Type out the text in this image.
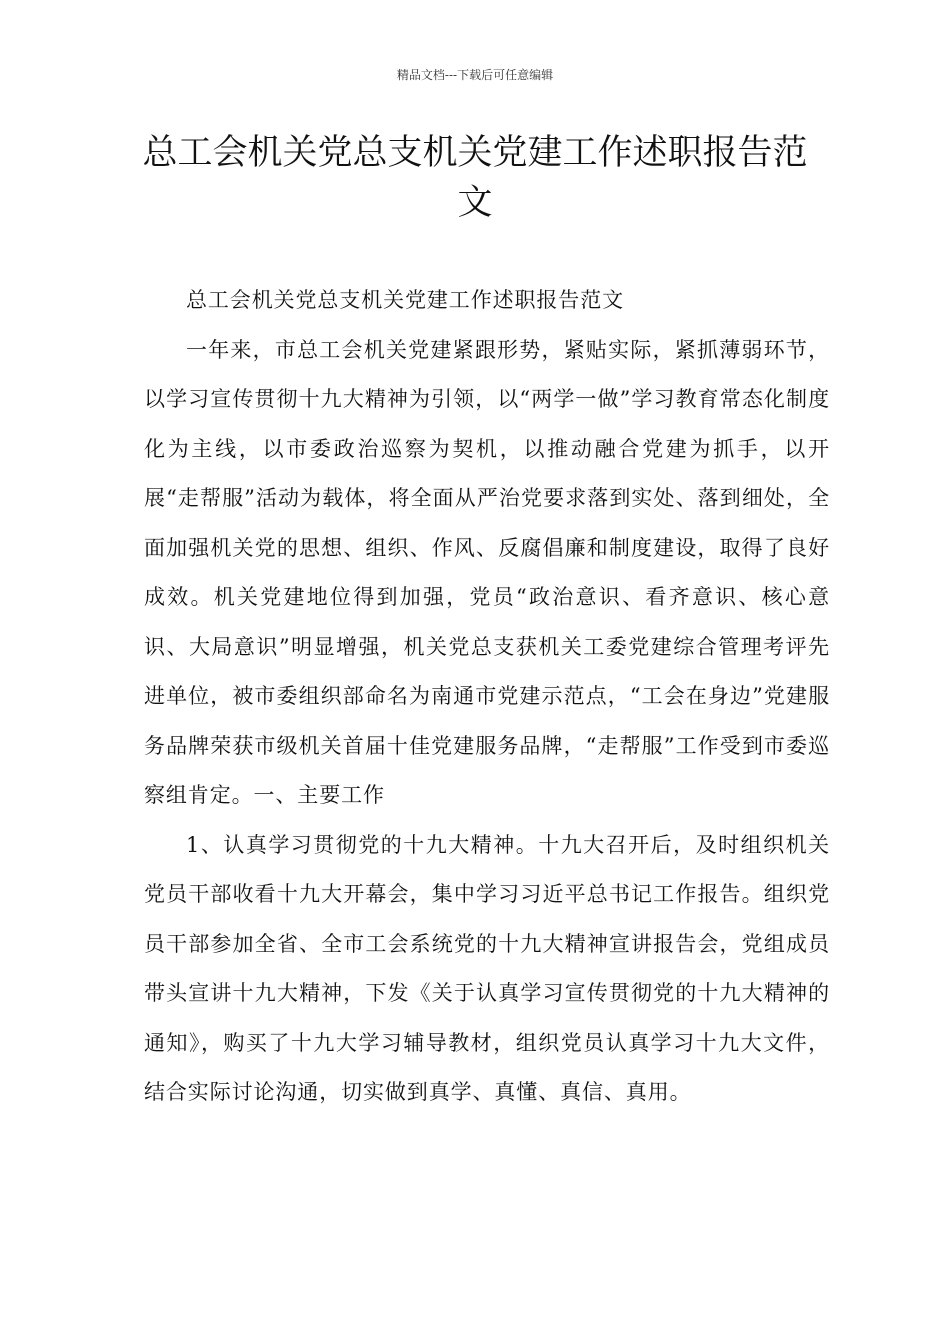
精品文档---下载后可任意编辑
总工会机关党总支机关党建工作述职报告范文

总工会机关党总支机关党建工作述职报告范文

一年来，市总工会机关党建紧跟形势，紧贴实际，紧抓薄弱环节，以学习宣传贯彻十九大精神为引领，以“两学一做”学习教育常态化制度化为主线，以市委政治巡察为契机，以推动融合党建为抓手，以开展“走帮服”活动为载体，将全面从严治党要求落到实处、落到细处，全面加强机关党的思想、组织、作风、反腐倡廉和制度建设，取得了良好成效。机关党建地位得到加强，党员“政治意识、看齐意识、核心意识、大局意识”明显增强，机关党总支获机关工委党建综合管理考评先进单位，被市委组织部命名为南通市党建示范点，“工会在身边”党建服务品牌荣获市级机关首届十佳党建服务品牌，“走帮服”工作受到市委巡察组肯定。一、主要工作

1、认真学习贯彻党的十九大精神。十九大召开后，及时组织机关党员干部收看十九大开幕会，集中学习习近平总书记工作报告。组织党员干部参加全省、全市工会系统党的十九大精神宣讲报告会，党组成员带头宣讲十九大精神，下发《关于认真学习宣传贯彻党的十九大精神的通知》，购买了十九大学习辅导教材，组织党员认真学习十九大文件，结合实际讨论沟通，切实做到真学、真懂、真信、真用。
